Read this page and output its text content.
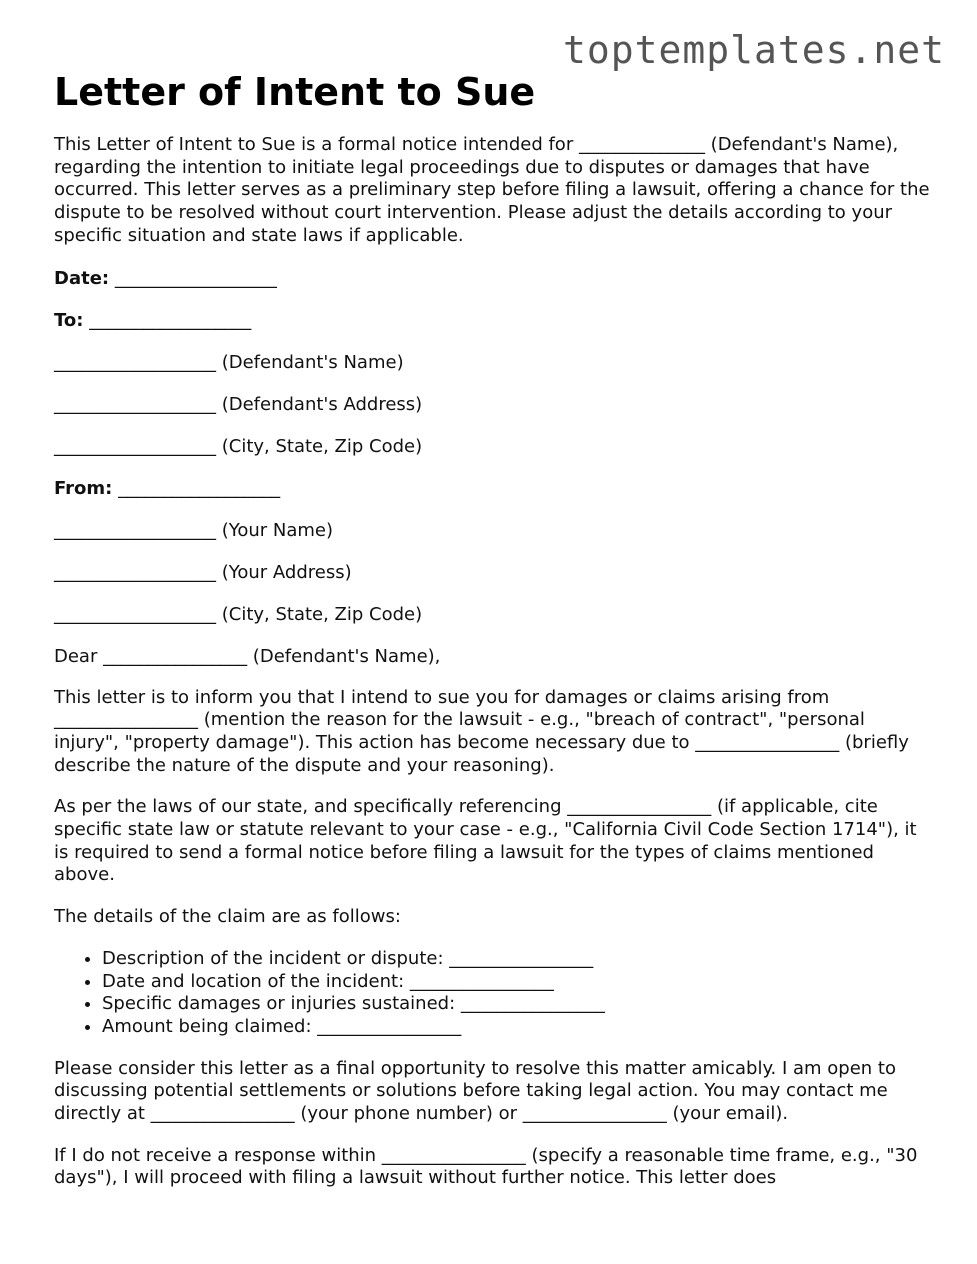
toptemplates.net
Letter of Intent to Sue

This Letter of Intent to Sue is a formal notice intended for ______________ (Defendant's Name), regarding the intention to initiate legal proceedings due to disputes or damages that have occurred. This letter serves as a preliminary step before filing a lawsuit, offering a chance for the dispute to be resolved without court intervention. Please adjust the details according to your specific situation and state laws if applicable.

Date: __________________
To: __________________
__________________ (Defendant's Name)
__________________ (Defendant's Address)
__________________ (City, State, Zip Code)
From: __________________
__________________ (Your Name)
__________________ (Your Address)
__________________ (City, State, Zip Code)
Dear ________________ (Defendant's Name),

This letter is to inform you that I intend to sue you for damages or claims arising from ________________ (mention the reason for the lawsuit - e.g., "breach of contract", "personal injury", "property damage"). This action has become necessary due to ________________ (briefly describe the nature of the dispute and your reasoning).

As per the laws of our state, and specifically referencing ________________ (if applicable, cite specific state law or statute relevant to your case - e.g., "California Civil Code Section 1714"), it is required to send a formal notice before filing a lawsuit for the types of claims mentioned above.

The details of the claim are as follows:

• Description of the incident or dispute: ________________
• Date and location of the incident: ________________
• Specific damages or injuries sustained: ________________
• Amount being claimed: ________________

Please consider this letter as a final opportunity to resolve this matter amicably. I am open to discussing potential settlements or solutions before taking legal action. You may contact me directly at ________________ (your phone number) or ________________ (your email).

If I do not receive a response within ________________ (specify a reasonable time frame, e.g., "30 days"), I will proceed with filing a lawsuit without further notice. This letter does
